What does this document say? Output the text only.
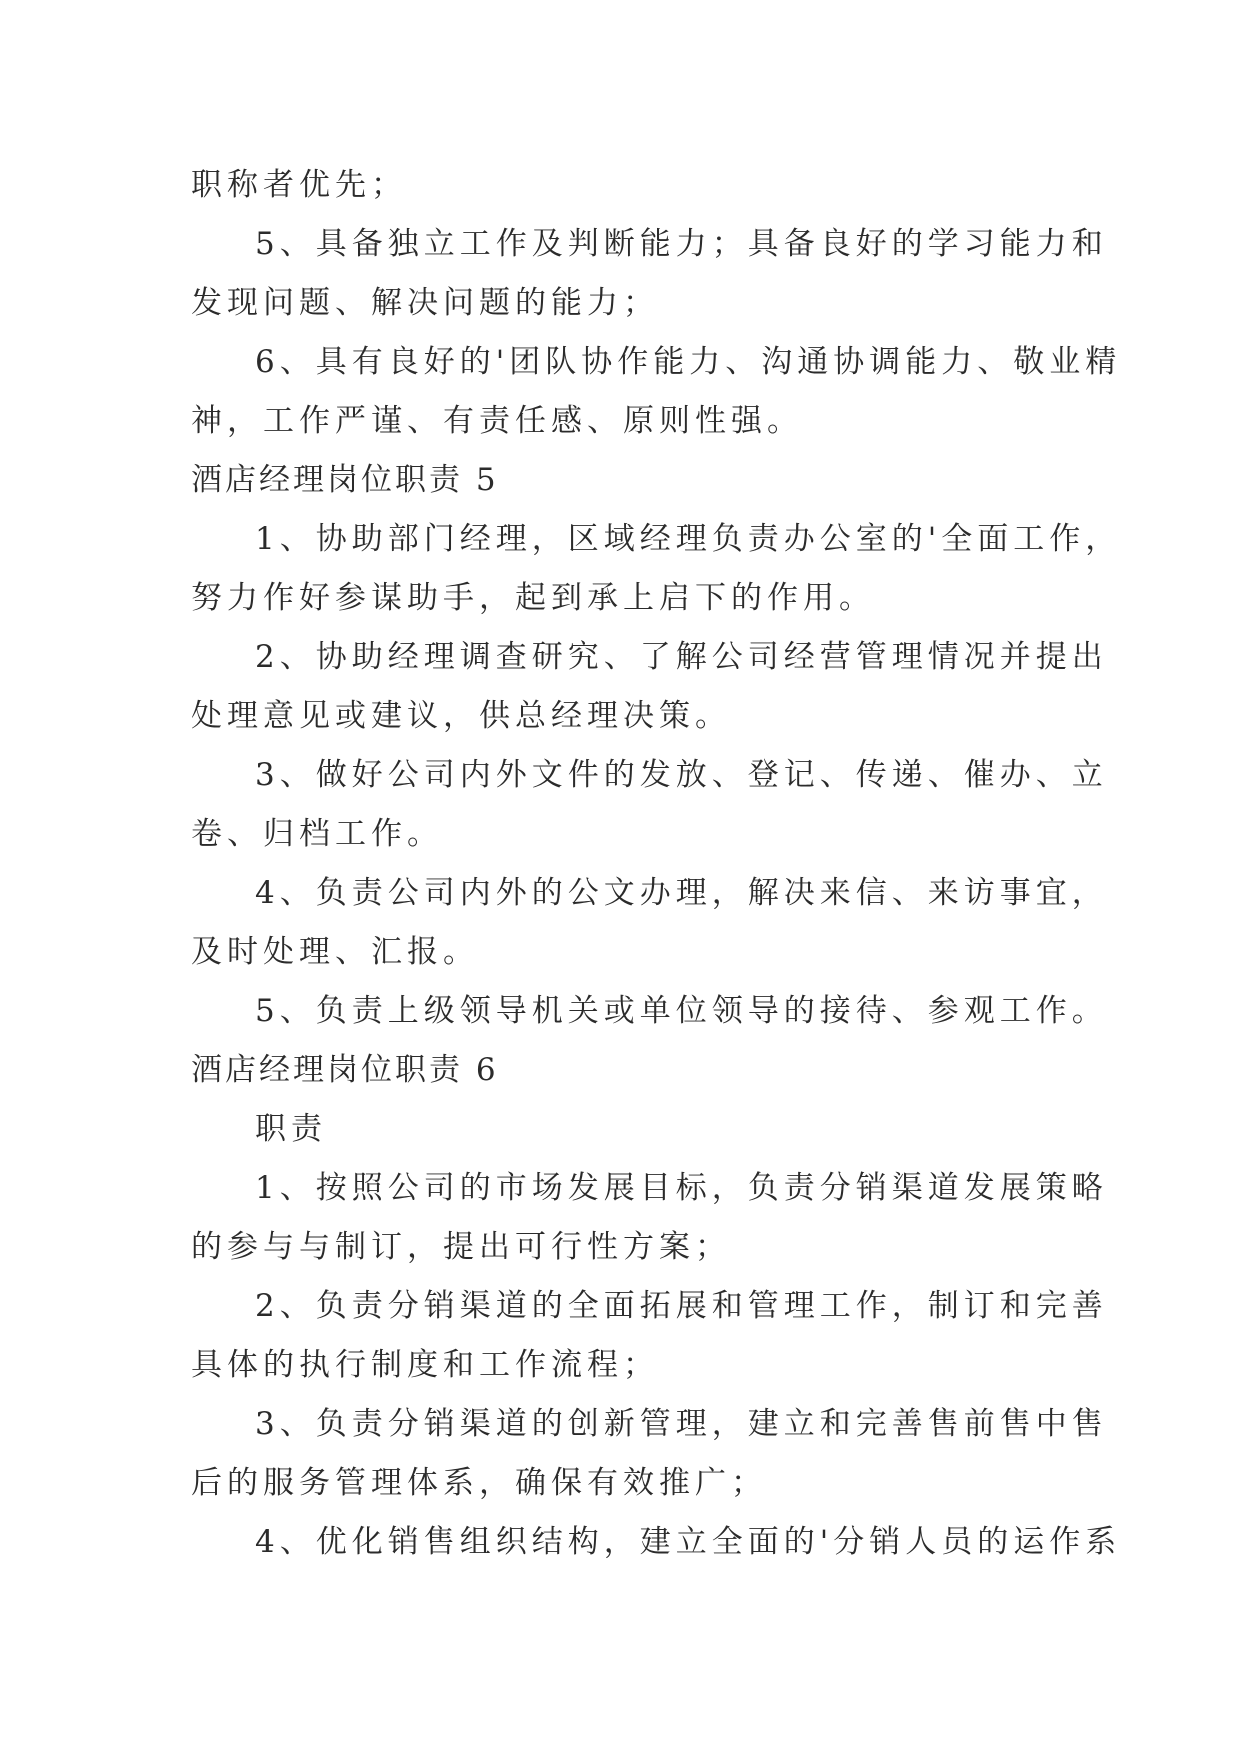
职称者优先；
5、具备独立工作及判断能力；具备良好的学习能力和
发现问题、解决问题的能力；
6、具有良好的'团队协作能力、沟通协调能力、敬业精
神，工作严谨、有责任感、原则性强。
酒店经理岗位职责 5
1、协助部门经理，区域经理负责办公室的'全面工作，
努力作好参谋助手，起到承上启下的作用。
2、协助经理调查研究、了解公司经营管理情况并提出
处理意见或建议，供总经理决策。
3、做好公司内外文件的发放、登记、传递、催办、立
卷、归档工作。
4、负责公司内外的公文办理，解决来信、来访事宜，
及时处理、汇报。
5、负责上级领导机关或单位领导的接待、参观工作。
酒店经理岗位职责 6
职责
1、按照公司的市场发展目标，负责分销渠道发展策略
的参与与制订，提出可行性方案；
2、负责分销渠道的全面拓展和管理工作，制订和完善
具体的执行制度和工作流程；
3、负责分销渠道的创新管理，建立和完善售前售中售
后的服务管理体系，确保有效推广；
4、优化销售组织结构，建立全面的'分销人员的运作系
